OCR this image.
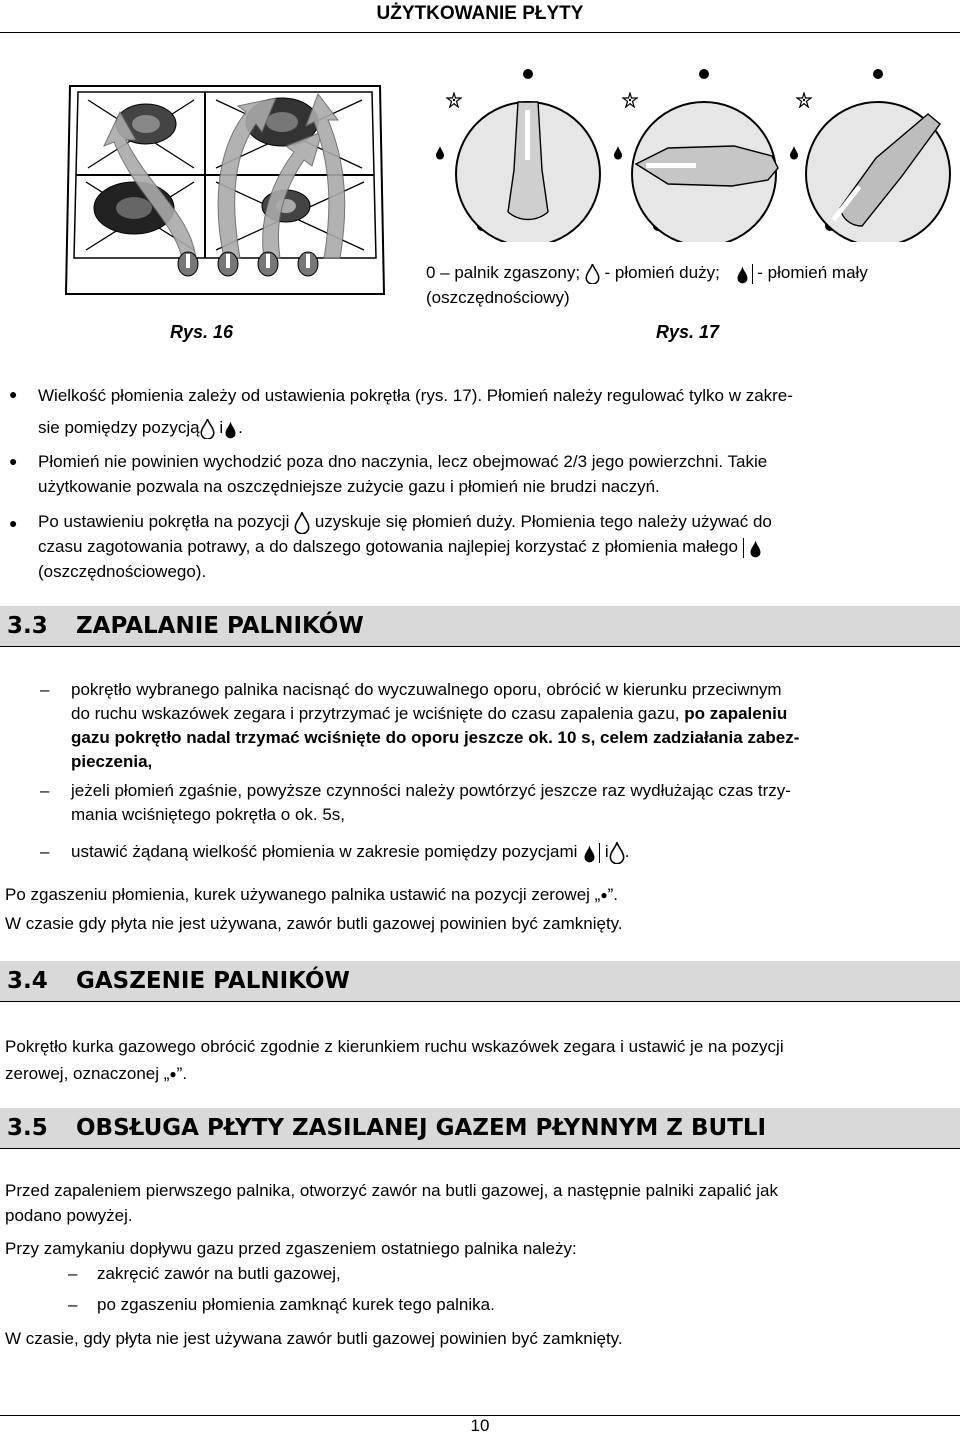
UŻYTKOWANIE PŁYTY
0 – palnik zgaszony; - płomień duży; - płomień mały
(oszczędnościowy)
Rys. 16	Rys. 17
● Wielkość płomienia zależy od ustawienia pokrętła (rys. 17). Płomień należy regulować tylko w zakre-
sie pomiędzy pozycją i .
● Płomień nie powinien wychodzić poza dno naczynia, lecz obejmować 2/3 jego powierzchni. Takie
użytkowanie pozwala na oszczędniejsze zużycie gazu i płomień nie brudzi naczyń.
● Po ustawieniu pokrętła na pozycji uzyskuje się płomień duży. Płomienia tego należy używać do
czasu zagotowania potrawy, a do dalszego gotowania najlepiej korzystać z płomienia małego
(oszczędnościowego).
3.3 ZAPALANIE PALNIKÓW
– pokrętło wybranego palnika nacisnąć do wyczuwalnego oporu, obrócić w kierunku przeciwnym
do ruchu wskazówek zegara i przytrzymać je wciśnięte do czasu zapalenia gazu, po zapaleniu
gazu pokrętło nadal trzymać wciśnięte do oporu jeszcze ok. 10 s, celem zadziałania zabez-
pieczenia,
– jeżeli płomień zgaśnie, powyższe czynności należy powtórzyć jeszcze raz wydłużając czas trzy-
mania wciśniętego pokrętła o ok. 5s,
– ustawić żądaną wielkość płomienia w zakresie pomiędzy pozycjami i .
Po zgaszeniu płomienia, kurek używanego palnika ustawić na pozycji zerowej „●”.
W czasie gdy płyta nie jest używana, zawór butli gazowej powinien być zamknięty.
3.4 GASZENIE PALNIKÓW
Pokrętło kurka gazowego obrócić zgodnie z kierunkiem ruchu wskazówek zegara i ustawić je na pozycji
zerowej, oznaczonej „●”.
3.5 OBSŁUGA PŁYTY ZASILANEJ GAZEM PŁYNNYM Z BUTLI
Przed zapaleniem pierwszego palnika, otworzyć zawór na butli gazowej, a następnie palniki zapalić jak
podano powyżej.
Przy zamykaniu dopływu gazu przed zgaszeniem ostatniego palnika należy:
– zakręcić zawór na butli gazowej,
– po zgaszeniu płomienia zamknąć kurek tego palnika.
W czasie, gdy płyta nie jest używana zawór butli gazowej powinien być zamknięty.
10
